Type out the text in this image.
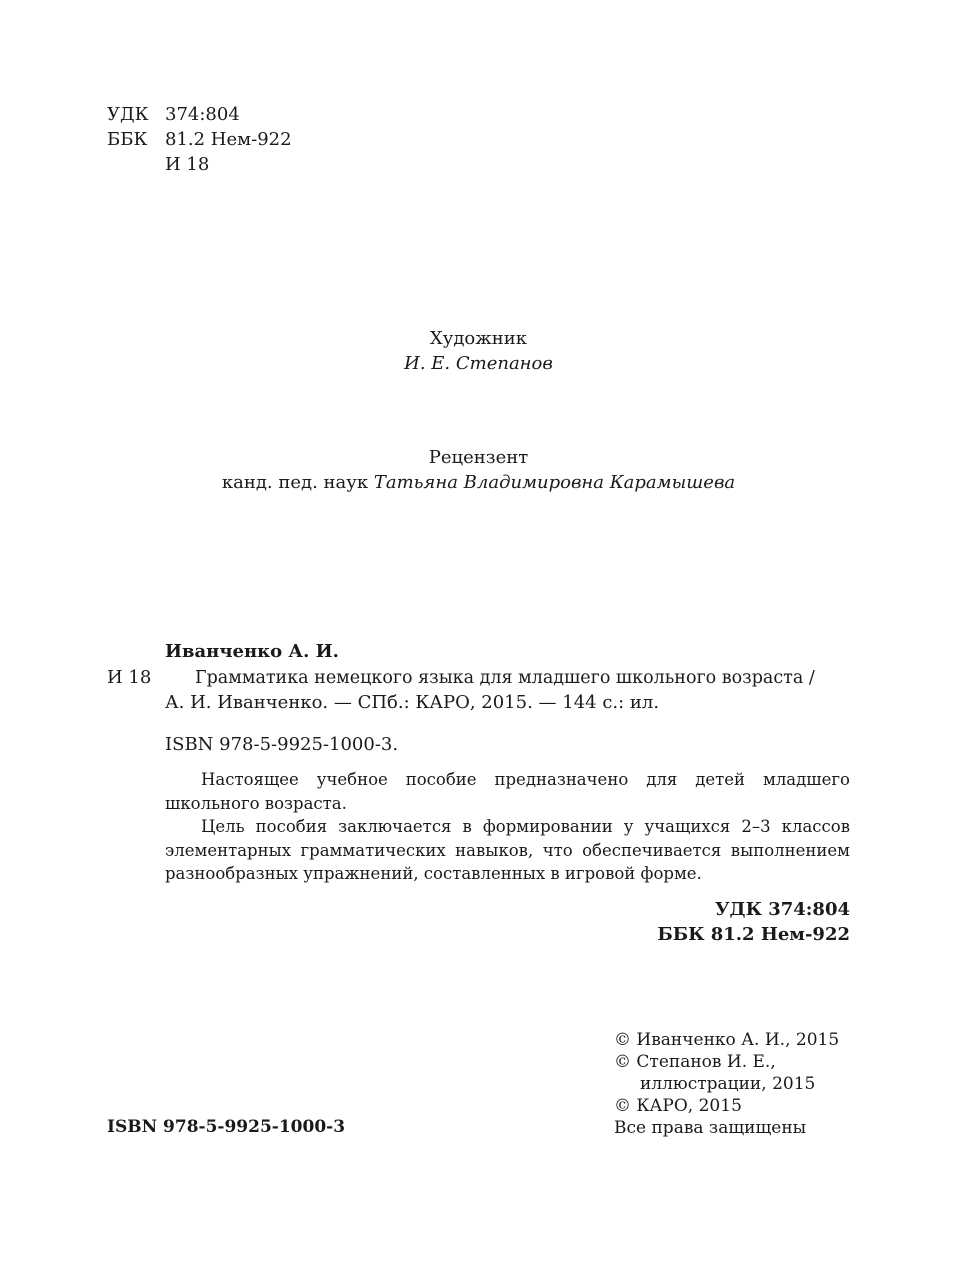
УДК 374:804
ББК 81.2 Нем-922
И 18
Художник
И. Е. Степанов
Рецензент
канд. пед. наук Татьяна Владимировна Карамышева
Иванченко А. И.
И 18 Грамматика немецкого языка для младшего школьного возраста /
А. И. Иванченко. — СПб.: КАРО, 2015. — 144 с.: ил.
ISBN 978-5-9925-1000-3.
Настоящее учебное пособие предназначено для детей младшего школьного возраста.
Цель пособия заключается в формировании у учащихся 2–3 классов элементарных грамматических навыков, что обеспечивается выполнением разнообразных упражнений, составленных в игровой форме.
УДК 374:804
ББК 81.2 Нем-922
ISBN 978-5-9925-1000-3
© Иванченко А. И., 2015
© Степанов И. Е.,
иллюстрации, 2015
© КАРО, 2015
Все права защищены
